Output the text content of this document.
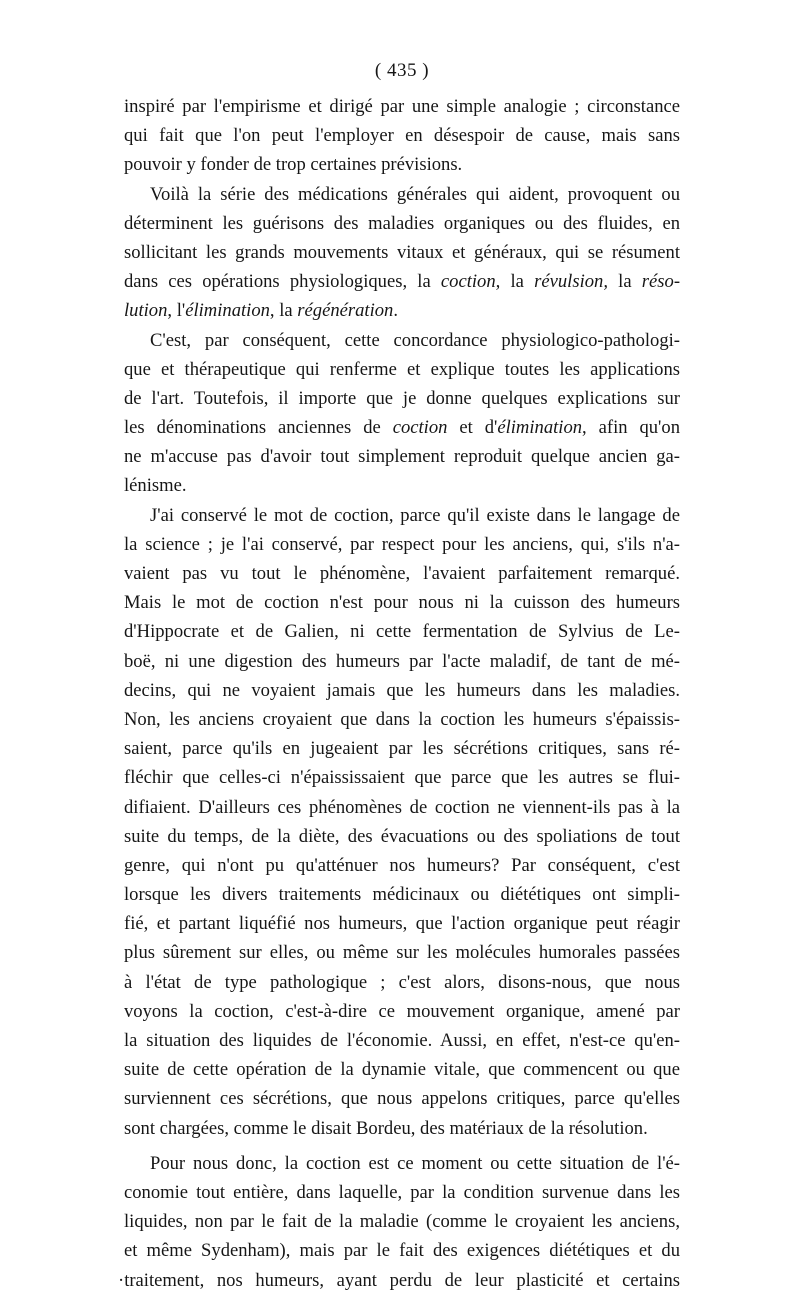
( 435 )
inspiré par l'empirisme et dirigé par une simple analogie ; circonstance
qui fait que l'on peut l'employer en désespoir de cause, mais sans
pouvoir y fonder de trop certaines prévisions.
Voilà la série des médications générales qui aident, provoquent ou
déterminent les guérisons des maladies organiques ou des fluides, en
sollicitant les grands mouvements vitaux et généraux, qui se résument
dans ces opérations physiologiques, la coction, la révulsion, la réso-
lution, l'élimination, la régénération.
C'est, par conséquent, cette concordance physiologico-pathologi-
que et thérapeutique qui renferme et explique toutes les applications
de l'art. Toutefois, il importe que je donne quelques explications sur
les dénominations anciennes de coction et d'élimination, afin qu'on
ne m'accuse pas d'avoir tout simplement reproduit quelque ancien ga-
lénisme.
J'ai conservé le mot de coction, parce qu'il existe dans le langage de
la science ; je l'ai conservé, par respect pour les anciens, qui, s'ils n'a-
vaient pas vu tout le phénomène, l'avaient parfaitement remarqué.
Mais le mot de coction n'est pour nous ni la cuisson des humeurs
d'Hippocrate et de Galien, ni cette fermentation de Sylvius de Le-
boë, ni une digestion des humeurs par l'acte maladif, de tant de mé-
decins, qui ne voyaient jamais que les humeurs dans les maladies.
Non, les anciens croyaient que dans la coction les humeurs s'épaissis-
saient, parce qu'ils en jugeaient par les sécrétions critiques, sans ré-
fléchir que celles-ci n'épaississaient que parce que les autres se flui-
difiaient. D'ailleurs ces phénomènes de coction ne viennent-ils pas à la
suite du temps, de la diète, des évacuations ou des spoliations de tout
genre, qui n'ont pu qu'atténuer nos humeurs? Par conséquent, c'est
lorsque les divers traitements médicinaux ou diététiques ont simpli-
fié, et partant liquéfié nos humeurs, que l'action organique peut réagir
plus sûrement sur elles, ou même sur les molécules humorales passées
à l'état de type pathologique ; c'est alors, disons-nous, que nous
voyons la coction, c'est-à-dire ce mouvement organique, amené par
la situation des liquides de l'économie. Aussi, en effet, n'est-ce qu'en-
suite de cette opération de la dynamie vitale, que commencent ou que
surviennent ces sécrétions, que nous appelons critiques, parce qu'elles
sont chargées, comme le disait Bordeu, des matériaux de la résolution.
Pour nous donc, la coction est ce moment ou cette situation de l'é-
conomie tout entière, dans laquelle, par la condition survenue dans les
liquides, non par le fait de la maladie (comme le croyaient les anciens,
et même Sydenham), mais par le fait des exigences diététiques et du
·traitement, nos humeurs, ayant perdu de leur plasticité et certains
